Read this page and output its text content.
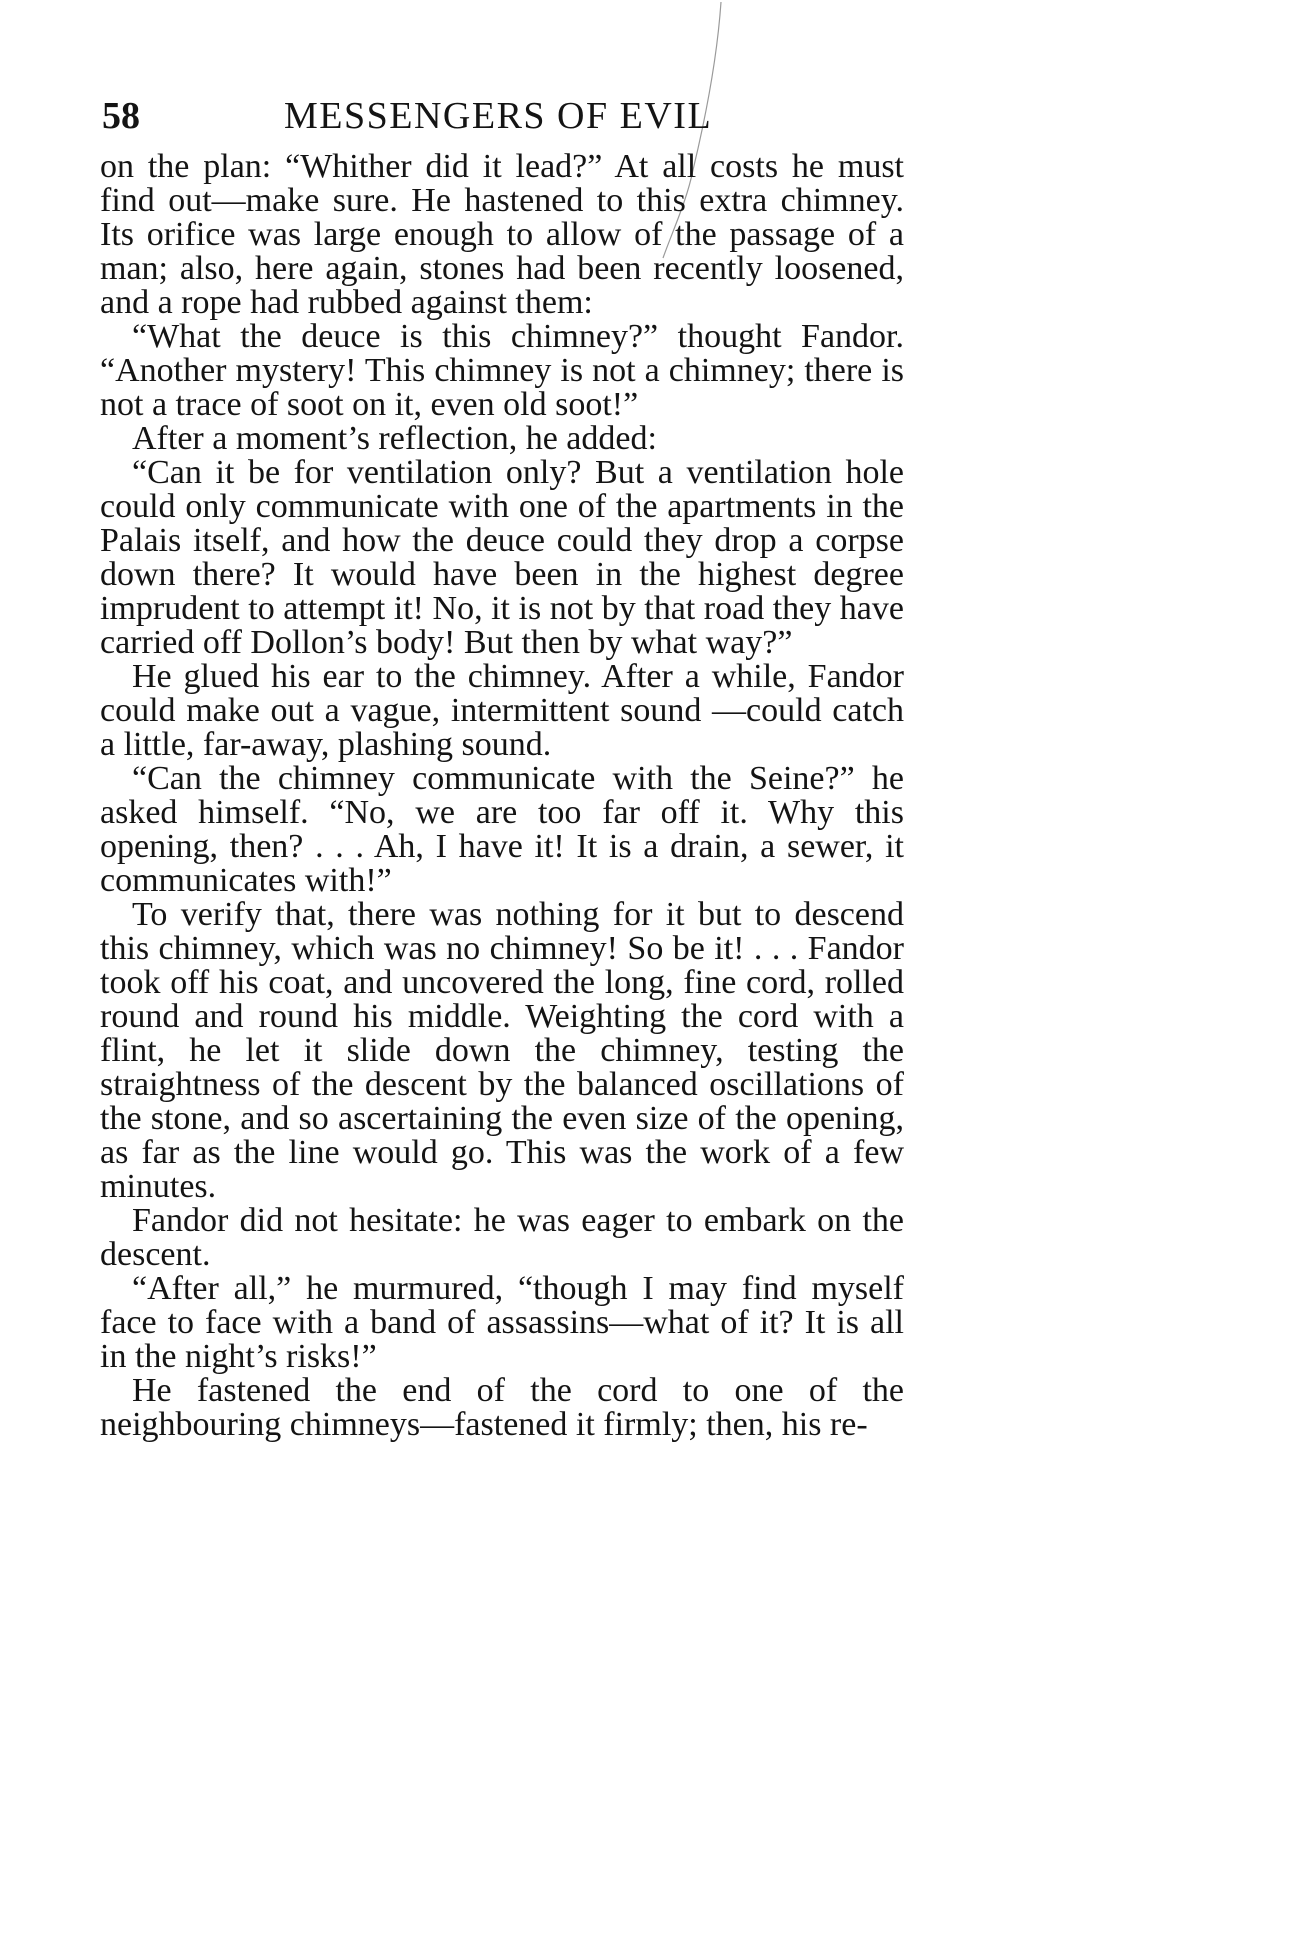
58	MESSENGERS OF EVIL

on the plan: “Whither did it lead?” At all costs he must find out—make sure. He hastened to this extra chimney. Its orifice was large enough to allow of the passage of a man; also, here again, stones had been recently loosened, and a rope had rubbed against them:

“What the deuce is this chimney?” thought Fandor. “Another mystery! This chimney is not a chimney; there is not a trace of soot on it, even old soot!”

After a moment’s reflection, he added:

“Can it be for ventilation only? But a ventilation hole could only communicate with one of the apartments in the Palais itself, and how the deuce could they drop a corpse down there? It would have been in the highest degree imprudent to attempt it! No, it is not by that road they have carried off Dollon’s body! But then by what way?”

He glued his ear to the chimney. After a while, Fandor could make out a vague, intermittent sound —could catch a little, far-away, plashing sound.

“Can the chimney communicate with the Seine?” he asked himself. “No, we are too far off it. Why this opening, then? . . . Ah, I have it! It is a drain, a sewer, it communicates with!”

To verify that, there was nothing for it but to descend this chimney, which was no chimney! So be it! . . . Fandor took off his coat, and uncovered the long, fine cord, rolled round and round his middle. Weighting the cord with a flint, he let it slide down the chimney, testing the straightness of the descent by the balanced oscillations of the stone, and so ascertaining the even size of the opening, as far as the line would go. This was the work of a few minutes.

Fandor did not hesitate: he was eager to embark on the descent.

“After all,” he murmured, “though I may find myself face to face with a band of assassins—what of it? It is all in the night’s risks!”

He fastened the end of the cord to one of the neighbouring chimneys—fastened it firmly; then, his re-
